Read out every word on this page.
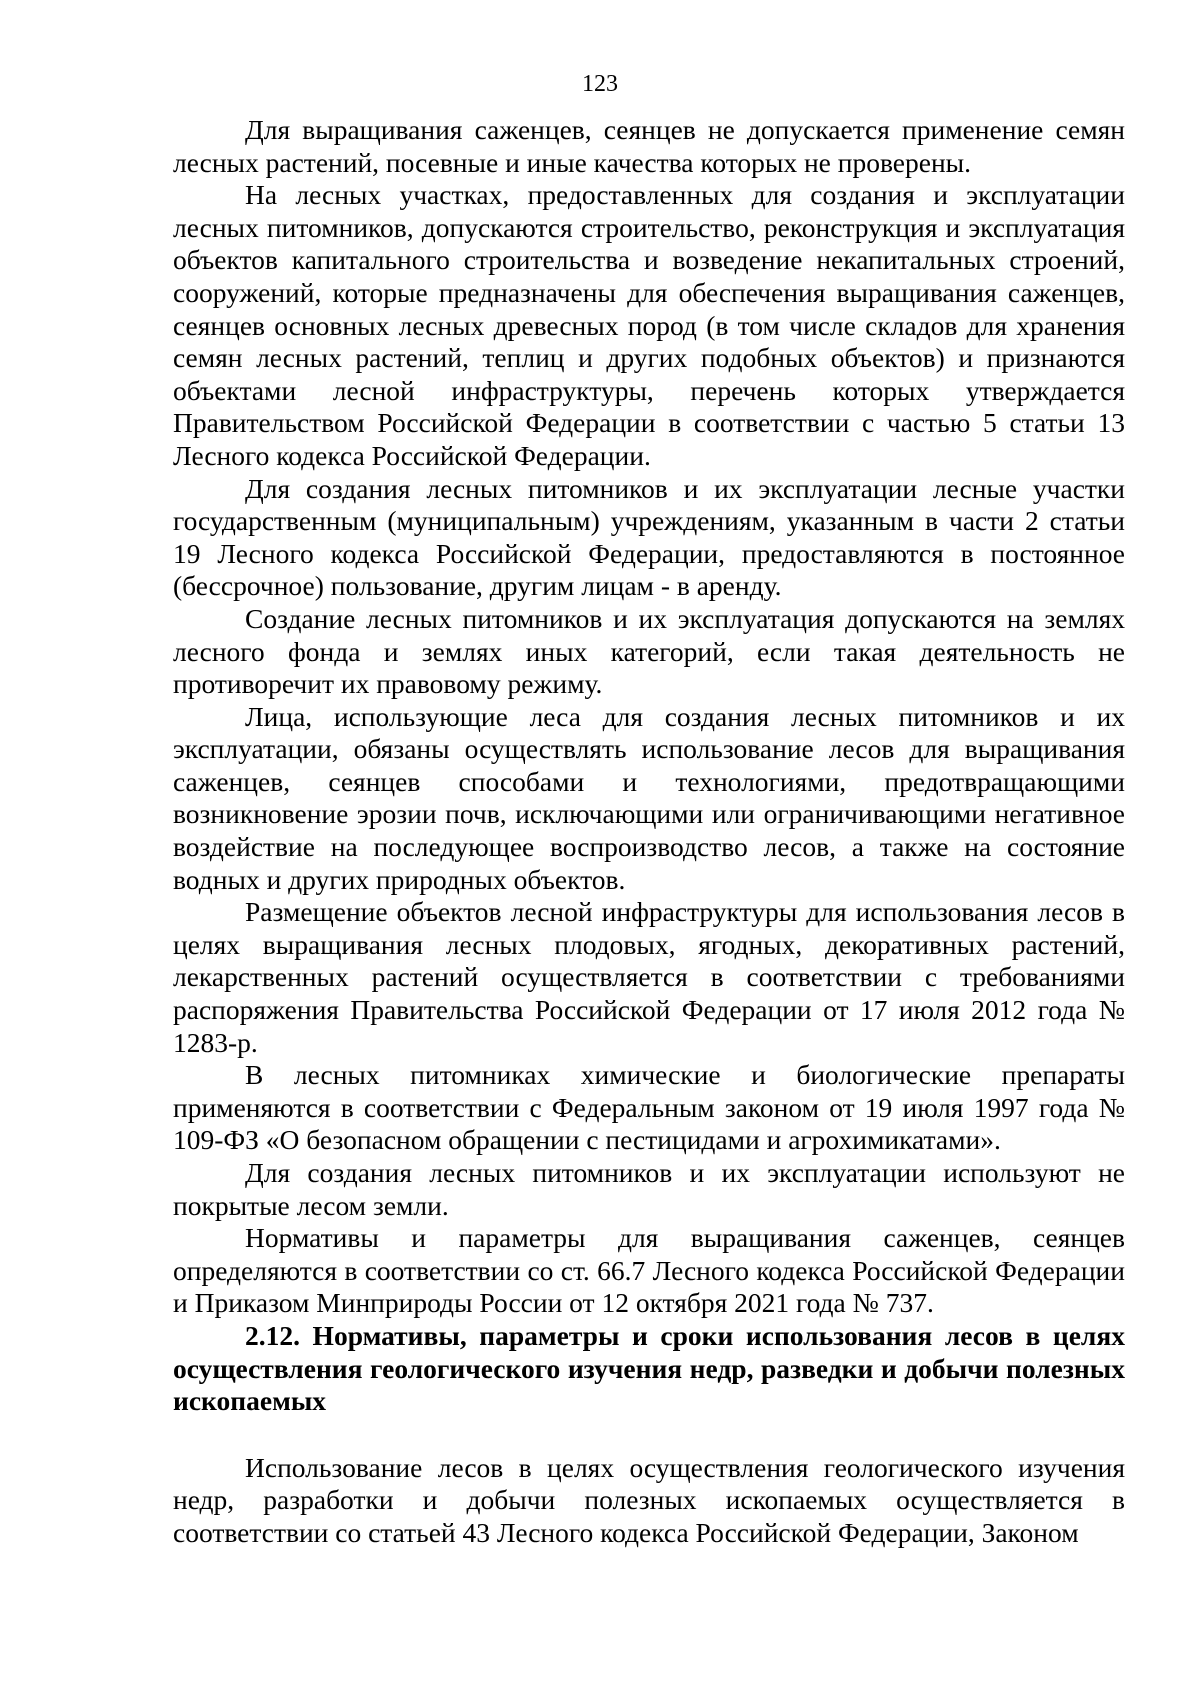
123

Для выращивания саженцев, сеянцев не допускается применение семян лесных растений, посевные и иные качества которых не проверены.

На лесных участках, предоставленных для создания и эксплуатации лесных питомников, допускаются строительство, реконструкция и эксплуатация объектов капитального строительства и возведение некапитальных строений, сооружений, которые предназначены для обеспечения выращивания саженцев, сеянцев основных лесных древесных пород (в том числе складов для хранения семян лесных растений, теплиц и других подобных объектов) и признаются объектами лесной инфраструктуры, перечень которых утверждается Правительством Российской Федерации в соответствии с частью 5 статьи 13 Лесного кодекса Российской Федерации.

Для создания лесных питомников и их эксплуатации лесные участки государственным (муниципальным) учреждениям, указанным в части 2 статьи 19 Лесного кодекса Российской Федерации, предоставляются в постоянное (бессрочное) пользование, другим лицам - в аренду.

Создание лесных питомников и их эксплуатация допускаются на землях лесного фонда и землях иных категорий, если такая деятельность не противоречит их правовому режиму.

Лица, использующие леса для создания лесных питомников и их эксплуатации, обязаны осуществлять использование лесов для выращивания саженцев, сеянцев способами и технологиями, предотвращающими возникновение эрозии почв, исключающими или ограничивающими негативное воздействие на последующее воспроизводство лесов, а также на состояние водных и других природных объектов.

Размещение объектов лесной инфраструктуры для использования лесов в целях выращивания лесных плодовых, ягодных, декоративных растений, лекарственных растений осуществляется в соответствии с требованиями распоряжения Правительства Российской Федерации от 17 июля 2012 года № 1283-р.

В лесных питомниках химические и биологические препараты применяются в соответствии с Федеральным законом от 19 июля 1997 года № 109-ФЗ «О безопасном обращении с пестицидами и агрохимикатами».

Для создания лесных питомников и их эксплуатации используют не покрытые лесом земли.

Нормативы и параметры для выращивания саженцев, сеянцев определяются в соответствии со ст. 66.7 Лесного кодекса Российской Федерации и Приказом Минприроды России от 12 октября 2021 года № 737.

2.12. Нормативы, параметры и сроки использования лесов в целях осуществления геологического изучения недр, разведки и добычи полезных ископаемых

Использование лесов в целях осуществления геологического изучения недр, разработки и добычи полезных ископаемых осуществляется в соответствии со статьей 43 Лесного кодекса Российской Федерации, Законом
